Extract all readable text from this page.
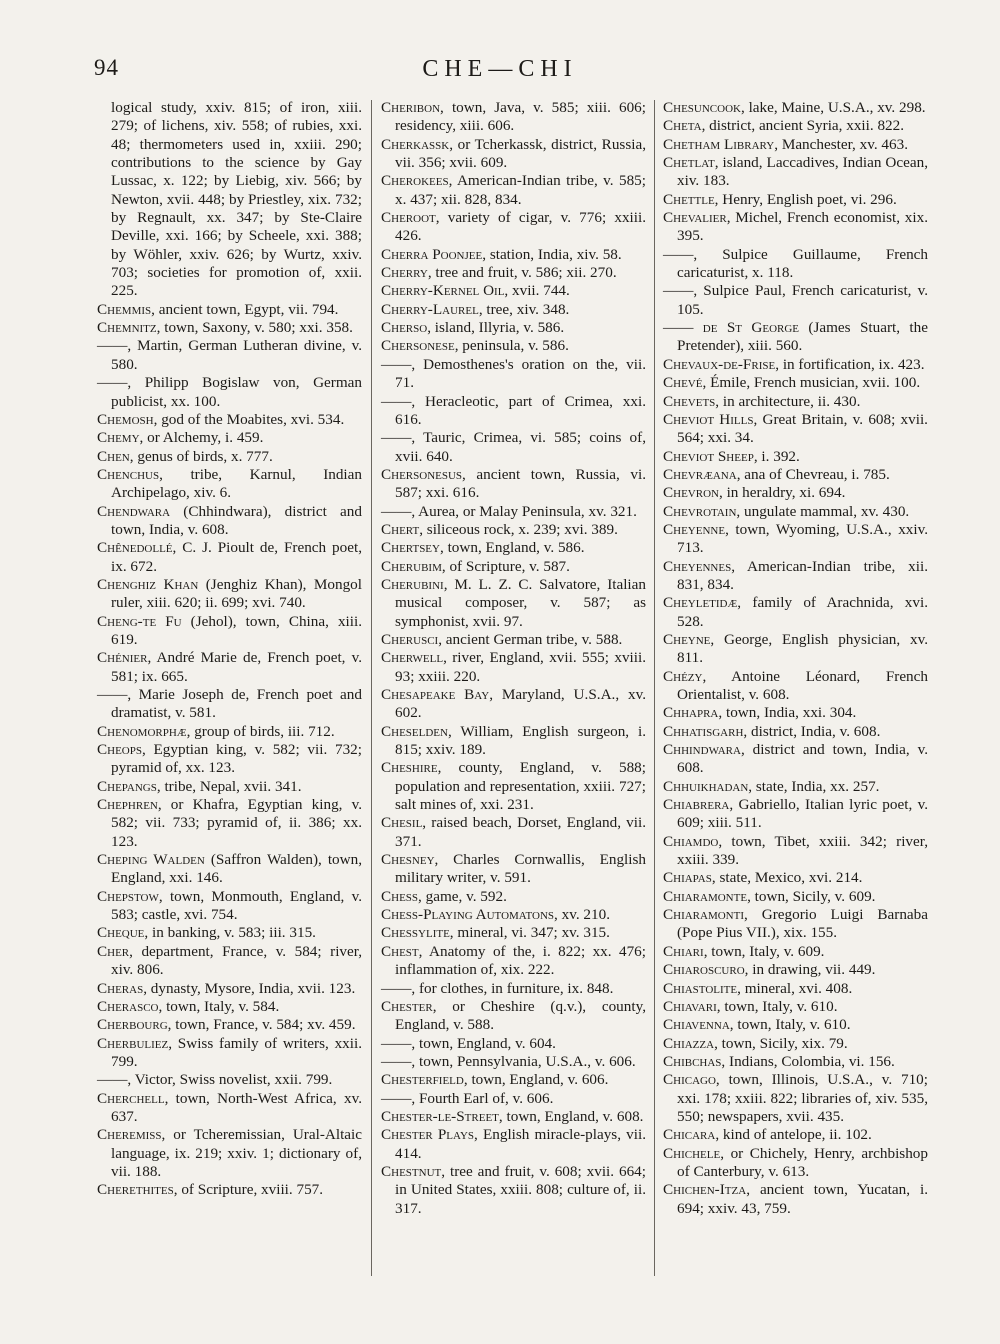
94	CHE—CHI

logical study, xxiv. 815; of iron, xiii. 279; of lichens, xiv. 558; of rubies, xxi. 48; thermometers used in, xxiii. 290; contributions to the science by Gay Lussac, x. 122; by Liebig, xiv. 566; by Newton, xvii. 448; by Priestley, xix. 732; by Regnault, xx. 347; by Ste-Claire Deville, xxi. 166; by Scheele, xxi. 388; by Wöhler, xxiv. 626; by Wurtz, xxiv. 703; societies for promotion of, xxii. 225.

Chemmis, ancient town, Egypt, vii. 794.

Chemnitz, town, Saxony, v. 580; xxi. 358.

——, Martin, German Lutheran divine, v. 580.

——, Philipp Bogislaw von, German publicist, xx. 100.

Chemosh, god of the Moabites, xvi. 534.

Chemy, or Alchemy, i. 459.

Chen, genus of birds, x. 777.

Chenchus, tribe, Karnul, Indian Archipelago, xiv. 6.

Chendwara (Chhindwara), district and town, India, v. 608.

Chênedollé, C. J. Pioult de, French poet, ix. 672.

Chenghiz Khan (Jenghiz Khan), Mongol ruler, xiii. 620; ii. 699; xvi. 740.

Cheng-te Fu (Jehol), town, China, xiii. 619.

Chénier, André Marie de, French poet, v. 581; ix. 665.

——, Marie Joseph de, French poet and dramatist, v. 581.

Chenomorphæ, group of birds, iii. 712.

Cheops, Egyptian king, v. 582; vii. 732; pyramid of, xx. 123.

Chepangs, tribe, Nepal, xvii. 341.

Chephren, or Khafra, Egyptian king, v. 582; vii. 733; pyramid of, ii. 386; xx. 123.

Cheping Walden (Saffron Walden), town, England, xxi. 146.

Chepstow, town, Monmouth, England, v. 583; castle, xvi. 754.

Cheque, in banking, v. 583; iii. 315.

Cher, department, France, v. 584; river, xiv. 806.

Cheras, dynasty, Mysore, India, xvii. 123.

Cherasco, town, Italy, v. 584.

Cherbourg, town, France, v. 584; xv. 459.

Cherbuliez, Swiss family of writers, xxii. 799.

——, Victor, Swiss novelist, xxii. 799.

Cherchell, town, North-West Africa, xv. 637.

Cheremiss, or Tcheremissian, Ural-Altaic language, ix. 219; xxiv. 1; dictionary of, vii. 188.

Cherethites, of Scripture, xviii. 757.

Cheribon, town, Java, v. 585; xiii. 606; residency, xiii. 606.

Cherkassk, or Tcherkassk, district, Russia, vii. 356; xvii. 609.

Cherokees, American-Indian tribe, v. 585; x. 437; xii. 828, 834.

Cheroot, variety of cigar, v. 776; xxiii. 426.

Cherra Poonjee, station, India, xiv. 58.

Cherry, tree and fruit, v. 586; xii. 270.

Cherry-Kernel Oil, xvii. 744.

Cherry-Laurel, tree, xiv. 348.

Cherso, island, Illyria, v. 586.

Chersonese, peninsula, v. 586.

——, Demosthenes's oration on the, vii. 71.

——, Heracleotic, part of Crimea, xxi. 616.

——, Tauric, Crimea, vi. 585; coins of, xvii. 640.

Chersonesus, ancient town, Russia, vi. 587; xxi. 616.

——, Aurea, or Malay Peninsula, xv. 321.

Chert, siliceous rock, x. 239; xvi. 389.

Chertsey, town, England, v. 586.

Cherubim, of Scripture, v. 587.

Cherubini, M. L. Z. C. Salvatore, Italian musical composer, v. 587; as symphonist, xvii. 97.

Cherusci, ancient German tribe, v. 588.

Cherwell, river, England, xvii. 555; xviii. 93; xxiii. 220.

Chesapeake Bay, Maryland, U.S.A., xv. 602.

Cheselden, William, English surgeon, i. 815; xxiv. 189.

Cheshire, county, England, v. 588; population and representation, xxiii. 727; salt mines of, xxi. 231.

Chesil, raised beach, Dorset, England, vii. 371.

Chesney, Charles Cornwallis, English military writer, v. 591.

Chess, game, v. 592.

Chess-Playing Automatons, xv. 210.

Chessylite, mineral, vi. 347; xv. 315.

Chest, Anatomy of the, i. 822; xx. 476; inflammation of, xix. 222.

——, for clothes, in furniture, ix. 848.

Chester, or Cheshire (q.v.), county, England, v. 588.

——, town, England, v. 604.

——, town, Pennsylvania, U.S.A., v. 606.

Chesterfield, town, England, v. 606.

——, Fourth Earl of, v. 606.

Chester-le-Street, town, England, v. 608.

Chester Plays, English miracle-plays, vii. 414.

Chestnut, tree and fruit, v. 608; xvii. 664; in United States, xxiii. 808; culture of, ii. 317.

Chesuncook, lake, Maine, U.S.A., xv. 298.

Cheta, district, ancient Syria, xxii. 822.

Chetham Library, Manchester, xv. 463.

Chetlat, island, Laccadives, Indian Ocean, xiv. 183.

Chettle, Henry, English poet, vi. 296.

Chevalier, Michel, French economist, xix. 395.

——, Sulpice Guillaume, French caricaturist, x. 118.

——, Sulpice Paul, French caricaturist, v. 105.

—— de St George (James Stuart, the Pretender), xiii. 560.

Chevaux-de-Frise, in fortification, ix. 423.

Chevé, Émile, French musician, xvii. 100.

Chevets, in architecture, ii. 430.

Cheviot Hills, Great Britain, v. 608; xvii. 564; xxi. 34.

Cheviot Sheep, i. 392.

Chevræana, ana of Chevreau, i. 785.

Chevron, in heraldry, xi. 694.

Chevrotain, ungulate mammal, xv. 430.

Cheyenne, town, Wyoming, U.S.A., xxiv. 713.

Cheyennes, American-Indian tribe, xii. 831, 834.

Cheyletidæ, family of Arachnida, xvi. 528.

Cheyne, George, English physician, xv. 811.

Chézy, Antoine Léonard, French Orientalist, v. 608.

Chhapra, town, India, xxi. 304.

Chhatisgarh, district, India, v. 608.

Chhindwara, district and town, India, v. 608.

Chhuikhadan, state, India, xx. 257.

Chiabrera, Gabriello, Italian lyric poet, v. 609; xiii. 511.

Chiamdo, town, Tibet, xxiii. 342; river, xxiii. 339.

Chiapas, state, Mexico, xvi. 214.

Chiaramonte, town, Sicily, v. 609.

Chiaramonti, Gregorio Luigi Barnaba (Pope Pius VII.), xix. 155.

Chiari, town, Italy, v. 609.

Chiaroscuro, in drawing, vii. 449.

Chiastolite, mineral, xvi. 408.

Chiavari, town, Italy, v. 610.

Chiavenna, town, Italy, v. 610.

Chiazza, town, Sicily, xix. 79.

Chibchas, Indians, Colombia, vi. 156.

Chicago, town, Illinois, U.S.A., v. 710; xxi. 178; xxiii. 822; libraries of, xiv. 535, 550; newspapers, xvii. 435.

Chicara, kind of antelope, ii. 102.

Chichele, or Chichely, Henry, archbishop of Canterbury, v. 613.

Chichen-Itza, ancient town, Yucatan, i. 694; xxiv. 43, 759.
